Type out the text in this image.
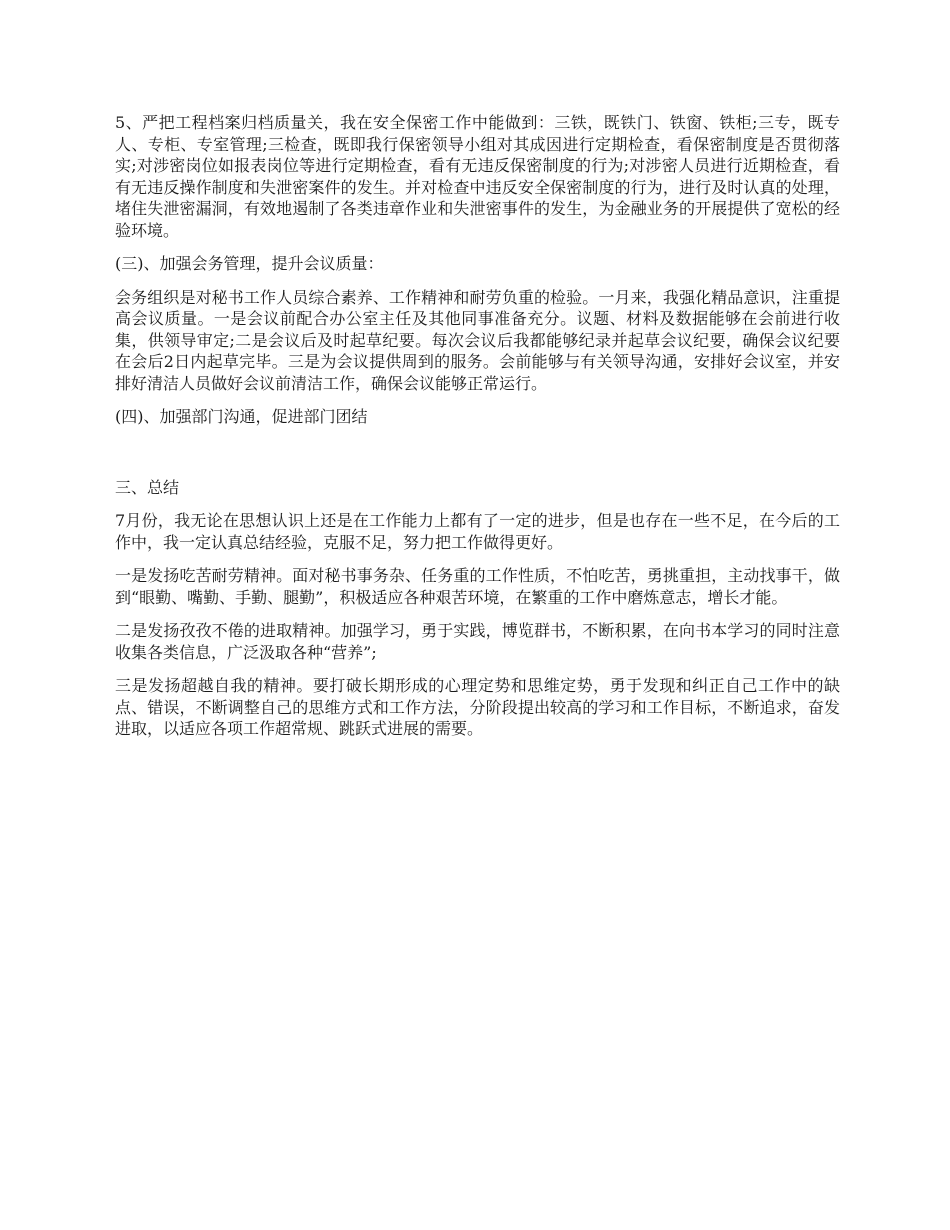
5、严把工程档案归档质量关，我在安全保密工作中能做到：三铁，既铁门、铁窗、铁柜;三专，既专人、专柜、专室管理;三检查，既即我行保密领导小组对其成因进行定期检查，看保密制度是否贯彻落实;对涉密岗位如报表岗位等进行定期检查，看有无违反保密制度的行为;对涉密人员进行近期检查，看有无违反操作制度和失泄密案件的发生。并对检查中违反安全保密制度的行为，进行及时认真的处理，堵住失泄密漏洞，有效地遏制了各类违章作业和失泄密事件的发生，为金融业务的开展提供了宽松的经验环境。

(三)、加强会务管理，提升会议质量：

会务组织是对秘书工作人员综合素养、工作精神和耐劳负重的检验。一月来，我强化精品意识，注重提高会议质量。一是会议前配合办公室主任及其他同事准备充分。议题、材料及数据能够在会前进行收集，供领导审定;二是会议后及时起草纪要。每次会议后我都能够纪录并起草会议纪要，确保会议纪要在会后2日内起草完毕。三是为会议提供周到的服务。会前能够与有关领导沟通，安排好会议室，并安排好清洁人员做好会议前清洁工作，确保会议能够正常运行。

(四)、加强部门沟通，促进部门团结

三、总结

7月份，我无论在思想认识上还是在工作能力上都有了一定的进步，但是也存在一些不足，在今后的工作中，我一定认真总结经验，克服不足，努力把工作做得更好。

一是发扬吃苦耐劳精神。面对秘书事务杂、任务重的工作性质，不怕吃苦，勇挑重担，主动找事干，做到“眼勤、嘴勤、手勤、腿勤”，积极适应各种艰苦环境，在繁重的工作中磨炼意志，增长才能。

二是发扬孜孜不倦的进取精神。加强学习，勇于实践，博览群书，不断积累，在向书本学习的同时注意收集各类信息，广泛汲取各种“营养”;

三是发扬超越自我的精神。要打破长期形成的心理定势和思维定势，勇于发现和纠正自己工作中的缺点、错误，不断调整自己的思维方式和工作方法，分阶段提出较高的学习和工作目标，不断追求，奋发进取，以适应各项工作超常规、跳跃式进展的需要。
